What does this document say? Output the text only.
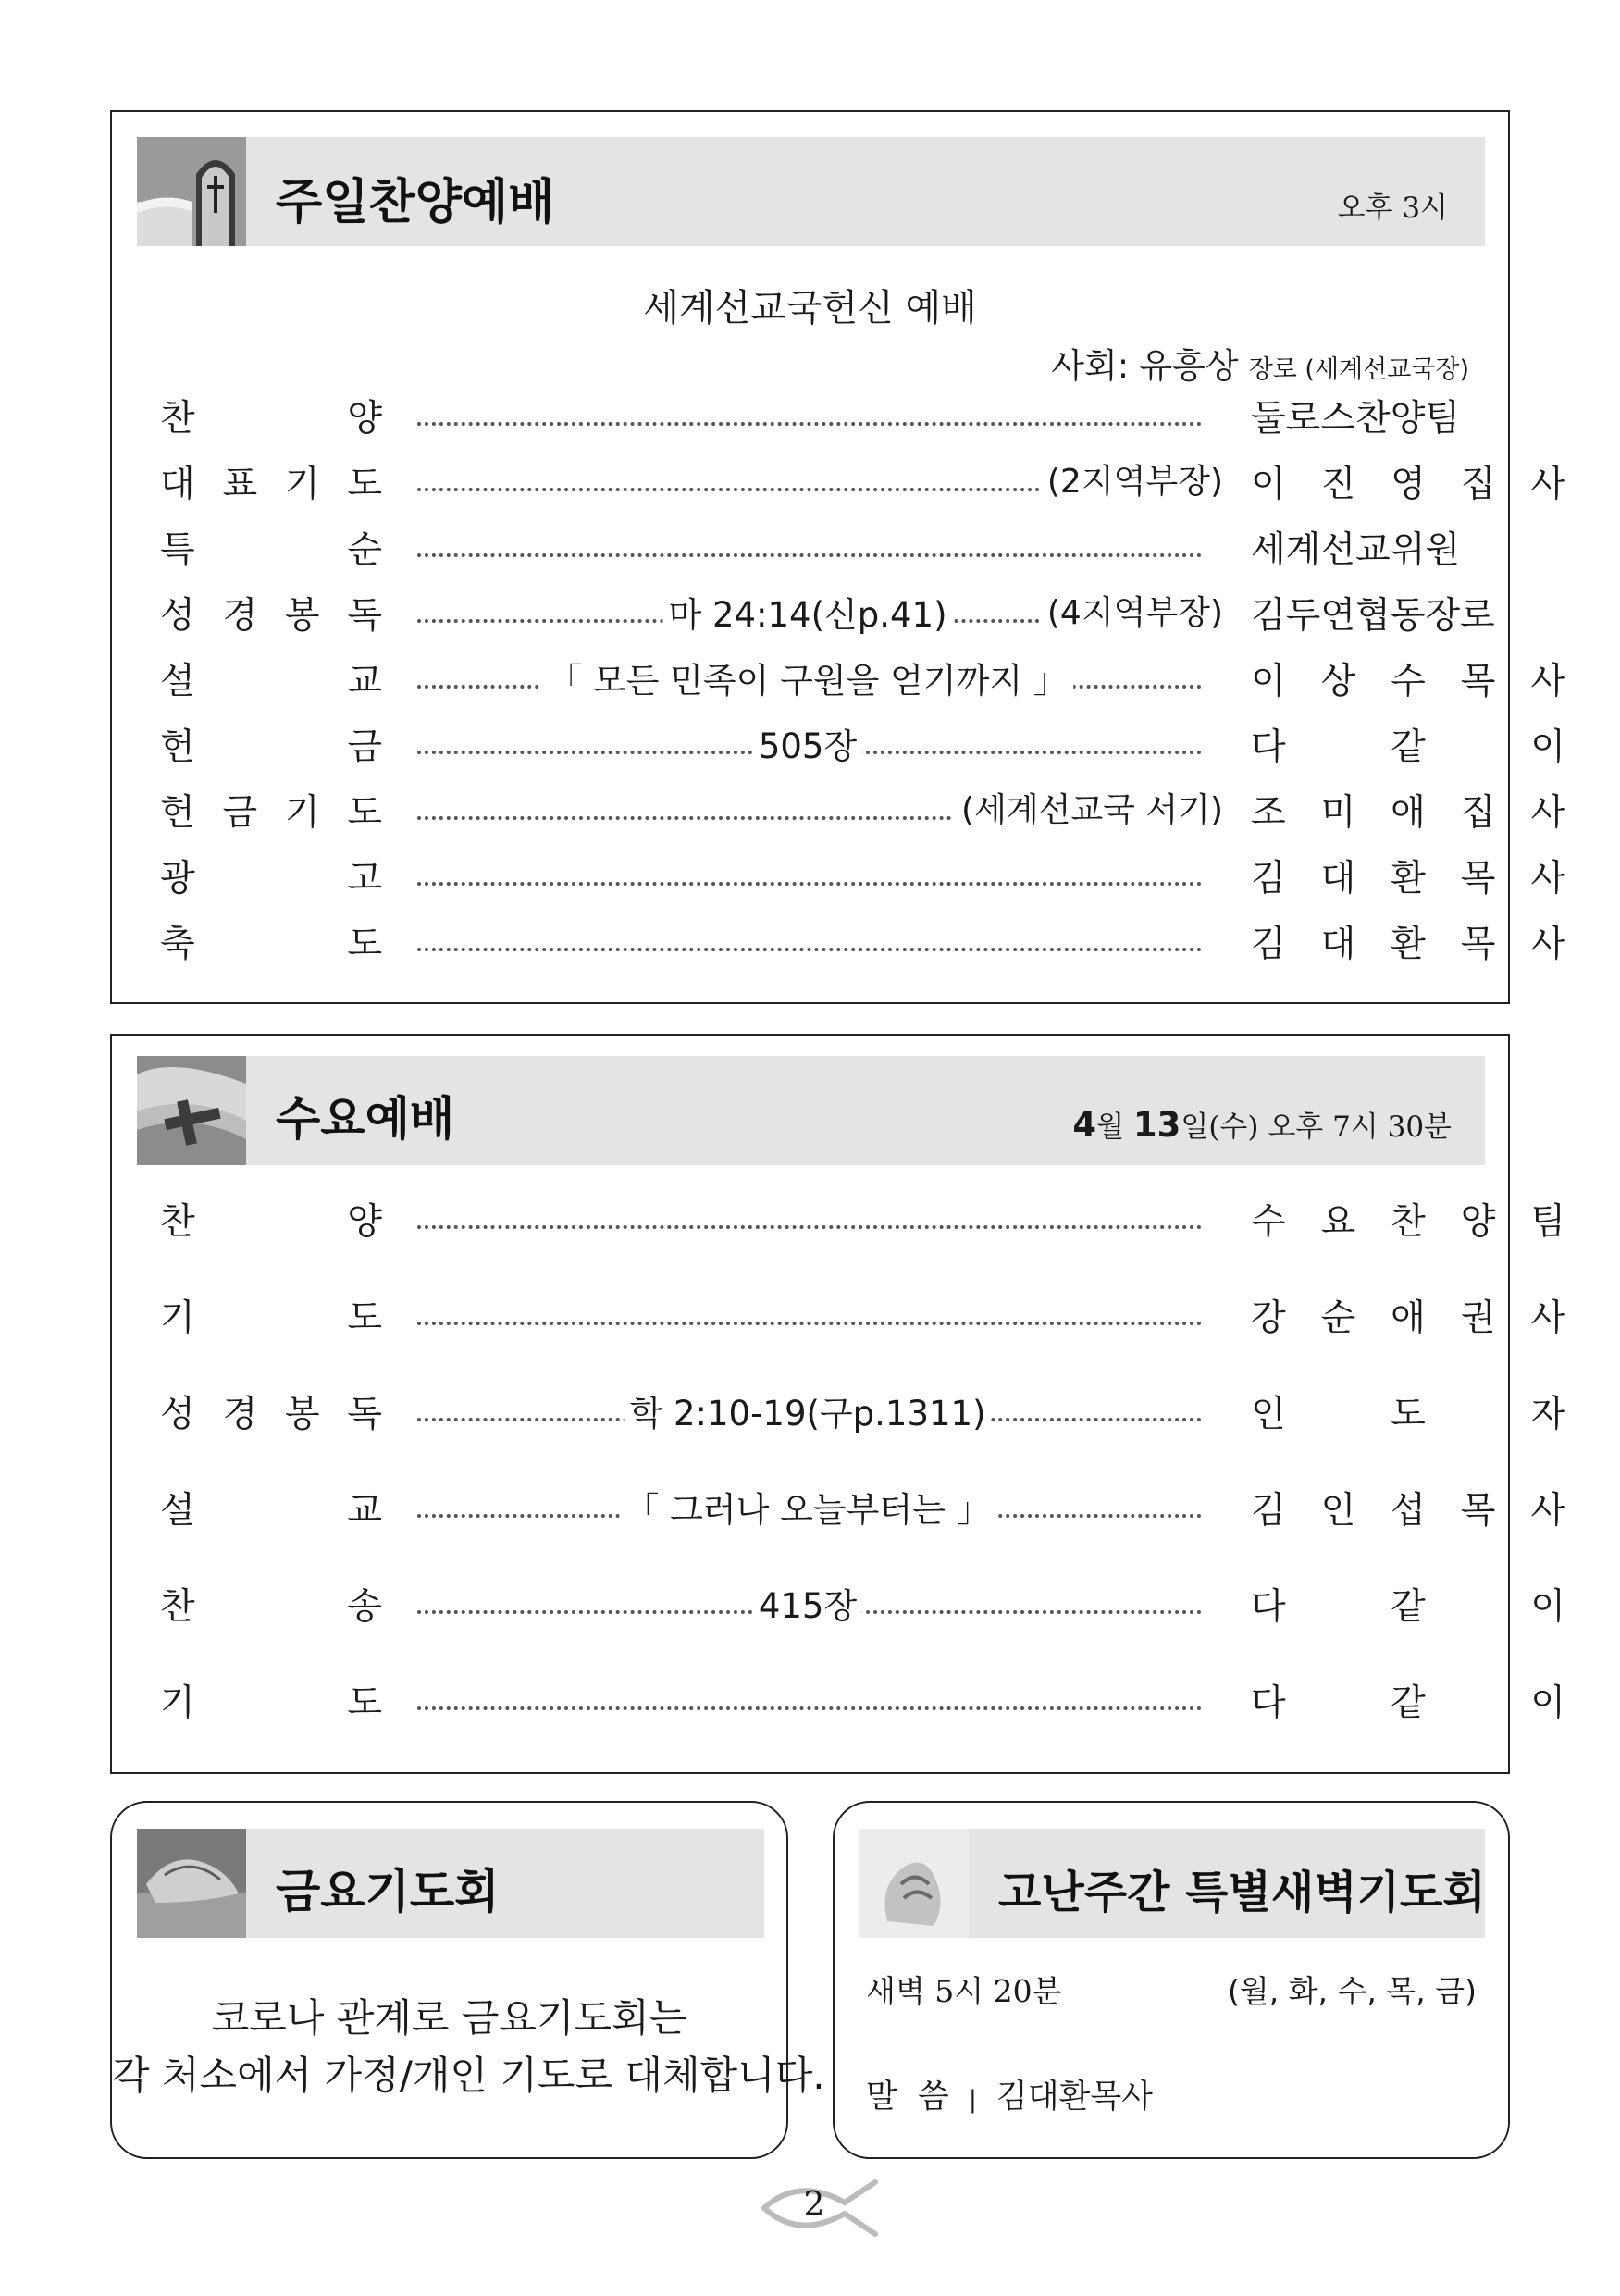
주일찬양예배	오후 3시
세계선교국헌신 예배
사회: 유흥상 장로 (세계선교국장)
찬	양	둘로스찬양팀
대 표 기 도	(2지역부장) 이 진 영 집 사
특	순	세계선교위원
성 경 봉 독	마 24:14(신p.41)	(4지역부장) 김두연협동장로
설	교	「 모든 민족이 구원을 얻기까지 」	이 상 수 목 사
헌	금	505장	다	같	이
헌 금 기 도	(세계선교국 서기) 조 미 애 집 사
광	고	김 대 환 목 사
축	도	김 대 환 목 사
수요예배	4월 13일(수) 오후 7시 30분
찬	양	수 요 찬 양 팀
기	도	강 순 애 권 사
성 경 봉 독	학 2:10-19(구p.1311)	인	도	자
설	교	「 그러나 오늘부터는 」	김 인 섭 목 사
찬	송	415장	다	같	이
기	도	다	같	이
금요기도회
코로나 관계로 금요기도회는
각 처소에서 가정/개인 기도로 대체합니다.
고난주간 특별새벽기도회
새벽 5시 20분	(월, 화, 수, 목, 금)
말  씀 | 김대환목사
2
